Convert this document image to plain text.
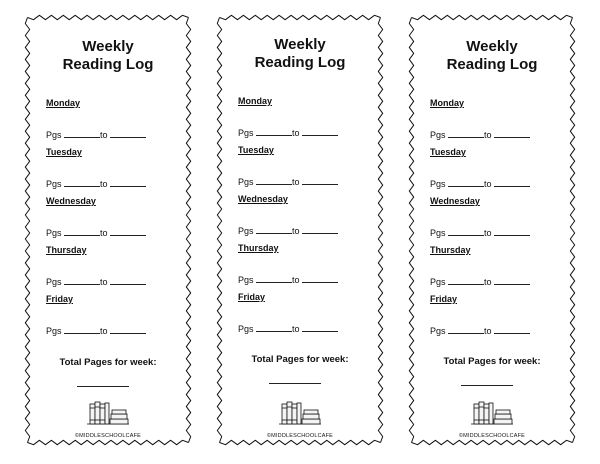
Weekly
Reading Log
Monday
Pgs	to
Tuesday
Pgs	to
Wednesday
Pgs	to
Thursday
Pgs	to
Friday
Pgs	to
Total Pages for week:
©MIDDLESCHOOLCAFE
Weekly
Reading Log
Monday
Pgs	to
Tuesday
Pgs	to
Wednesday
Pgs	to
Thursday
Pgs	to
Friday
Pgs	to
Total Pages for week:
©MIDDLESCHOOLCAFE
Weekly
Reading Log
Monday
Pgs	to
Tuesday
Pgs	to
Wednesday
Pgs	to
Thursday
Pgs	to
Friday
Pgs	to
Total Pages for week:
©MIDDLESCHOOLCAFE
